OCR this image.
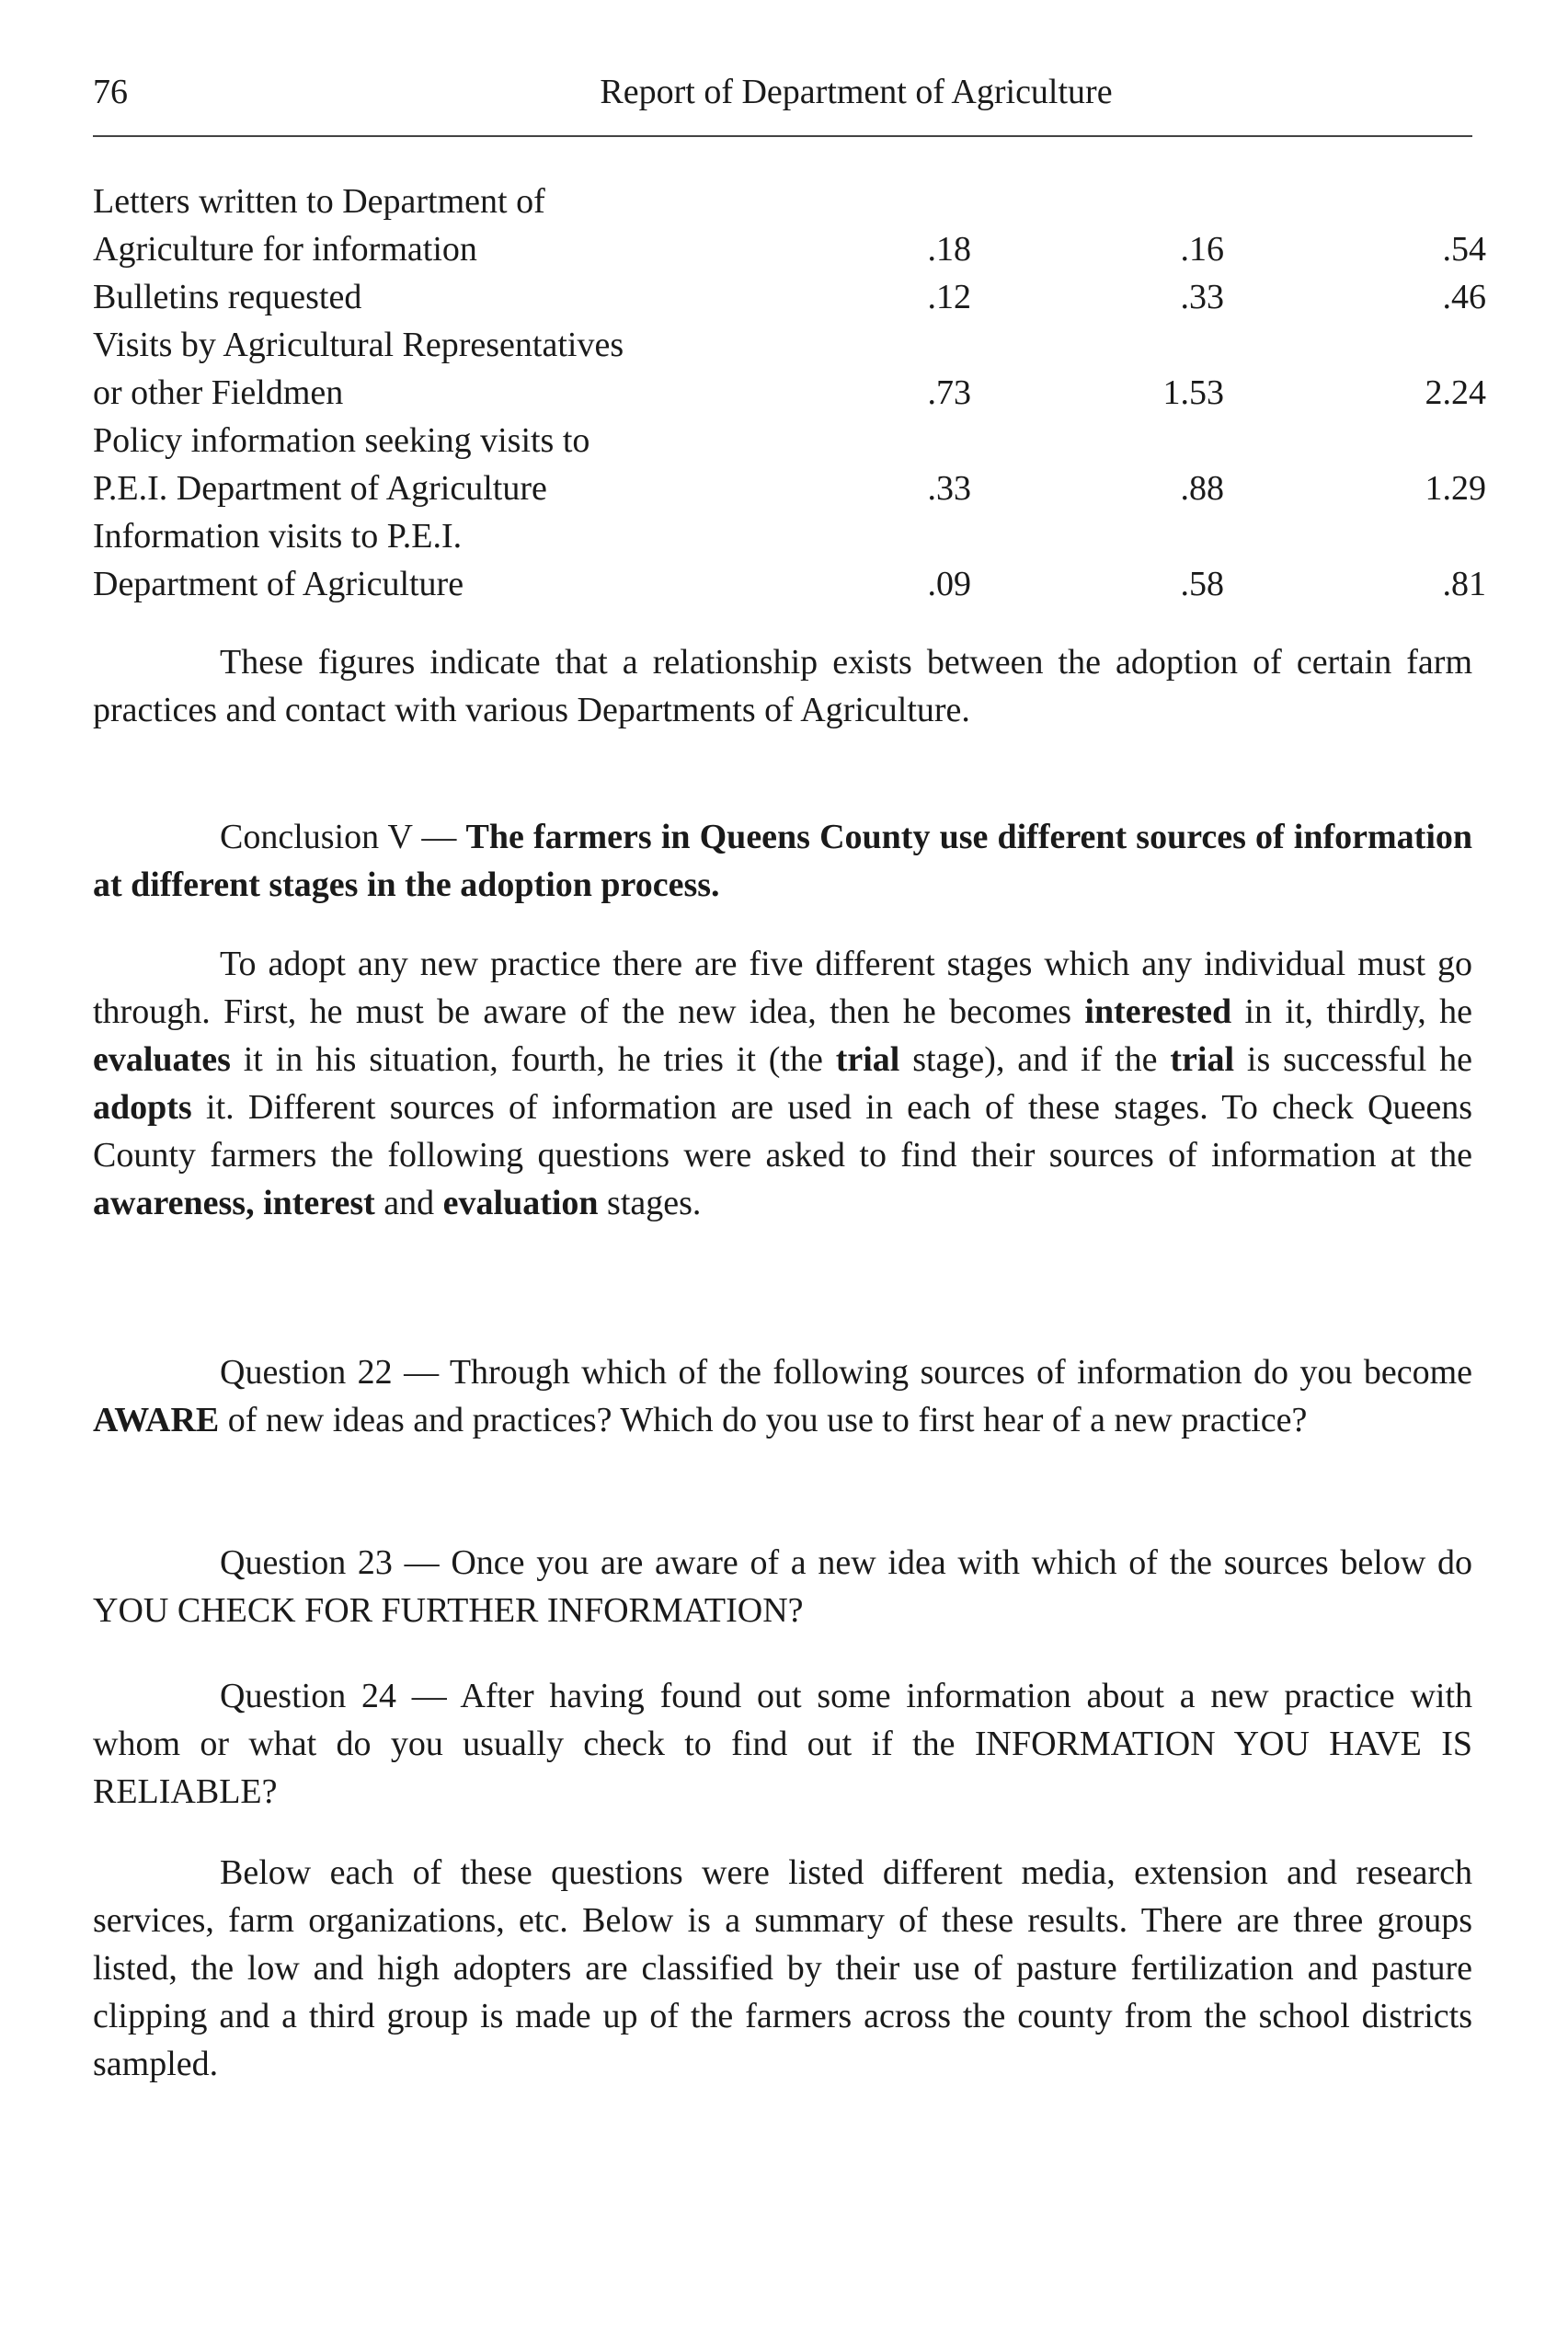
76	Report of Department of Agriculture
Letters written to Department of
Agriculture for information	.18	.16	.54
Bulletins requested	.12	.33	.46
Visits by Agricultural Representatives
or other Fieldmen	.73	1.53	2.24
Policy information seeking visits to
P.E.I. Department of Agriculture	.33	.88	1.29
Information visits to P.E.I.
Department of Agriculture	.09	.58	.81

These figures indicate that a relationship exists between the adoption of certain farm practices and contact with various Departments of Agriculture.

Conclusion V — The farmers in Queens County use different sources of information at different stages in the adoption process.

To adopt any new practice there are five different stages which any individual must go through. First, he must be aware of the new idea, then he becomes interested in it, thirdly, he evaluates it in his situation, fourth, he tries it (the trial stage), and if the trial is successful he adopts it. Different sources of information are used in each of these stages. To check Queens County farmers the following questions were asked to find their sources of information at the awareness, interest and evaluation stages.

Question 22 — Through which of the following sources of information do you become AWARE of new ideas and practices? Which do you use to first hear of a new practice?

Question 23 — Once you are aware of a new idea with which of the sources below do YOU CHECK FOR FURTHER INFORMATION?

Question 24 — After having found out some information about a new practice with whom or what do you usually check to find out if the INFORMATION YOU HAVE IS RELIABLE?

Below each of these questions were listed different media, extension and research services, farm organizations, etc. Below is a summary of these results. There are three groups listed, the low and high adopters are classified by their use of pasture fertilization and pasture clipping and a third group is made up of the farmers across the county from the school districts sampled.
